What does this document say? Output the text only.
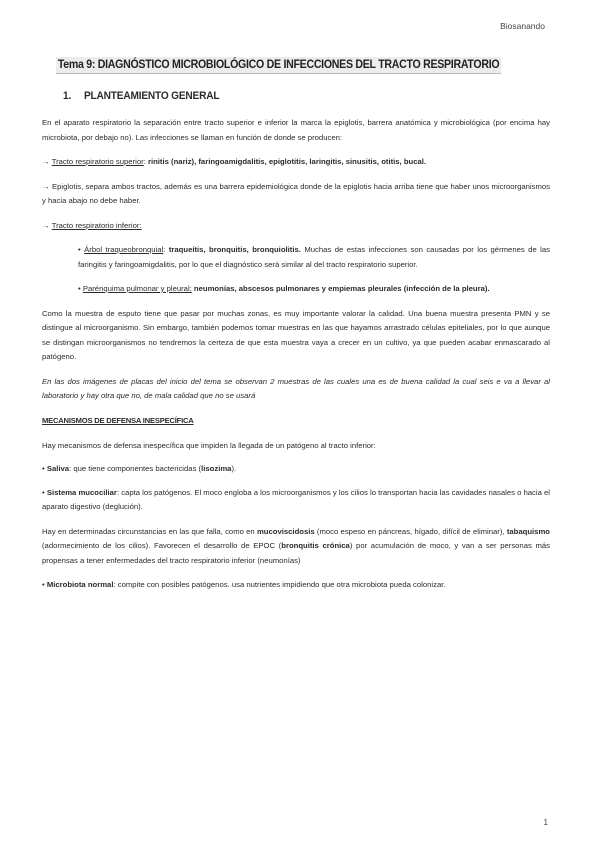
Biosanando
Tema 9: DIAGNÓSTICO MICROBIOLÓGICO DE INFECCIONES DEL TRACTO RESPIRATORIO
1. PLANTEAMIENTO GENERAL

En el aparato respiratorio la separación entre tracto superior e inferior la marca la epiglotis, barrera anatómica y microbiológica (por encima hay microbiota, por debajo no). Las infecciones se llaman en función de donde se producen:

→ Tracto respiratorio superior: rinitis (nariz), faringoamigdalitis, epiglotitis, laringitis, sinusitis, otitis, bucal.

→ Epiglotis, separa ambos tractos, además es una barrera epidemiológica donde de la epiglotis hacia arriba tiene que haber unos microorganismos y hacia abajo no debe haber.

→ Tracto respiratorio inferior:

• Árbol traqueobronquial: traqueítis, bronquitis, bronquiolitis. Muchas de estas infecciones son causadas por los gérmenes de las faringitis y faringoamigdalitis, por lo que el diagnóstico será similar al del tracto respiratorio superior.

• Parénquima pulmonar y pleural: neumonías, abscesos pulmonares y empiemas pleurales (infección de la pleura).

Como la muestra de esputo tiene que pasar por muchas zonas, es muy importante valorar la calidad. Una buena muestra presenta PMN y se distingue al microorganismo. Sin embargo, también podemos tomar muestras en las que hayamos arrastrado células epiteliales, por lo que aunque se distingan microorganismos no tendremos la certeza de que esta muestra vaya a crecer en un cultivo, ya que pueden acabar enmascarado al patógeno.

En las dos imágenes de placas del inicio del tema se observan 2 muestras de las cuales una es de buena calidad la cual seis e va a llevar al laboratorio y hay otra que no, de mala calidad que no se usará

MECANISMOS DE DEFENSA INESPECÍFICA

Hay mecanismos de defensa inespecífica que impiden la llegada de un patógeno al tracto inferior:

• Saliva: que tiene componentes bactericidas (lisozima).

• Sistema mucociliar: capta los patógenos. El moco engloba a los microorganismos y los cilios lo transportan hacia las cavidades nasales o hacia el aparato digestivo (deglución).

Hay en determinadas circunstancias en las que falla, como en mucoviscidosis (moco espeso en páncreas, hígado, difícil de eliminar), tabaquismo (adormecimiento de los cilios). Favorecen el desarrollo de EPOC (bronquitis crónica) por acumulación de moco, y van a ser personas más propensas a tener enfermedades del tracto respiratorio inferior (neumonías)

• Microbiota normal: compite con posibles patógenos. usa nutrientes impidiendo que otra microbiota pueda colonizar.

1
